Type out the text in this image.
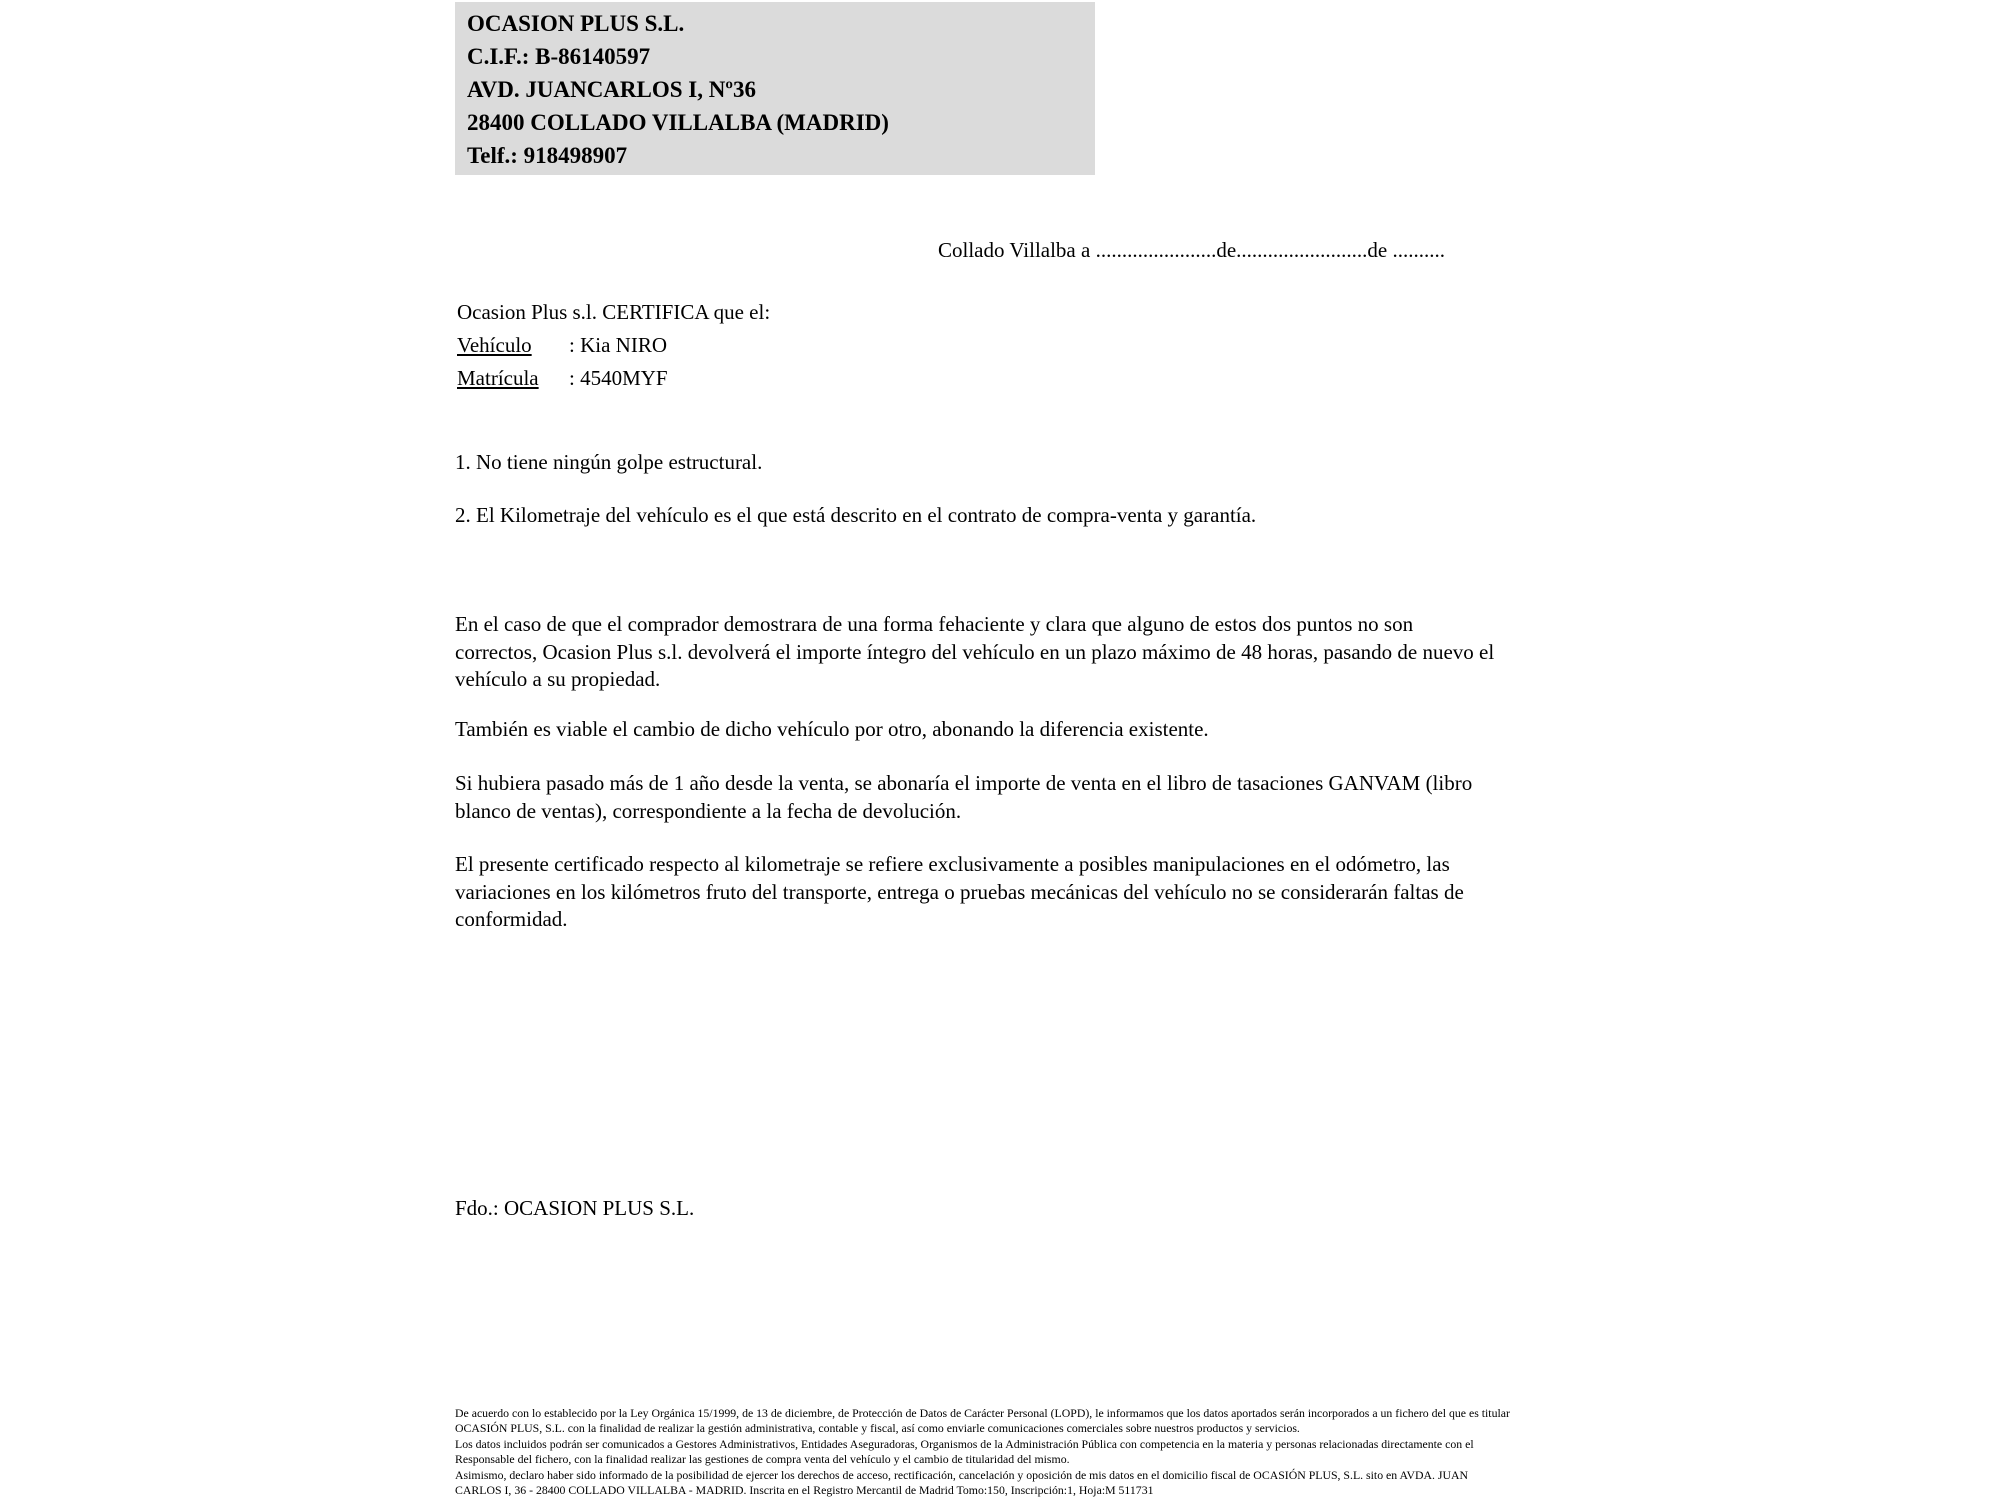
OCASION PLUS S.L.
C.I.F.: B-86140597
AVD. JUANCARLOS I, Nº36
28400 COLLADO VILLALBA (MADRID)
Telf.: 918498907
Collado Villalba a .......................de.........................de ..........
Ocasion Plus s.l. CERTIFICA que el:
Vehículo : Kia NIRO
Matrícula : 4540MYF
1. No tiene ningún golpe estructural.
2. El Kilometraje del vehículo es el que está descrito en el contrato de compra-venta y garantía.
En el caso de que el comprador demostrara de una forma fehaciente y clara que alguno de estos dos puntos no son correctos, Ocasion Plus s.l. devolverá el importe íntegro del vehículo en un plazo máximo de 48 horas, pasando de nuevo el vehículo a su propiedad.
También es viable el cambio de dicho vehículo por otro, abonando la diferencia existente.
Si hubiera pasado más de 1 año desde la venta, se abonaría el importe de venta en el libro de tasaciones GANVAM (libro blanco de ventas), correspondiente a la fecha de devolución.
El presente certificado respecto al kilometraje se refiere exclusivamente a posibles manipulaciones en el odómetro, las variaciones en los kilómetros fruto del transporte, entrega o pruebas mecánicas del vehículo no se considerarán faltas de conformidad.
Fdo.: OCASION PLUS S.L.
De acuerdo con lo establecido por la Ley Orgánica 15/1999, de 13 de diciembre, de Protección de Datos de Carácter Personal (LOPD), le informamos que los datos aportados serán incorporados a un fichero del que es titular
OCASIÓN PLUS, S.L. con la finalidad de realizar la gestión administrativa, contable y fiscal, así como enviarle comunicaciones comerciales sobre nuestros productos y servicios.
Los datos incluidos podrán ser comunicados a Gestores Administrativos, Entidades Aseguradoras, Organismos de la Administración Pública con competencia en la materia y personas relacionadas directamente con el
Responsable del fichero, con la finalidad realizar las gestiones de compra venta del vehículo y el cambio de titularidad del mismo.
Asimismo, declaro haber sido informado de la posibilidad de ejercer los derechos de acceso, rectificación, cancelación y oposición de mis datos en el domicilio fiscal de OCASIÓN PLUS, S.L. sito en AVDA. JUAN
CARLOS I, 36 - 28400 COLLADO VILLALBA - MADRID. Inscrita en el Registro Mercantil de Madrid Tomo:150, Inscripción:1, Hoja:M 511731
